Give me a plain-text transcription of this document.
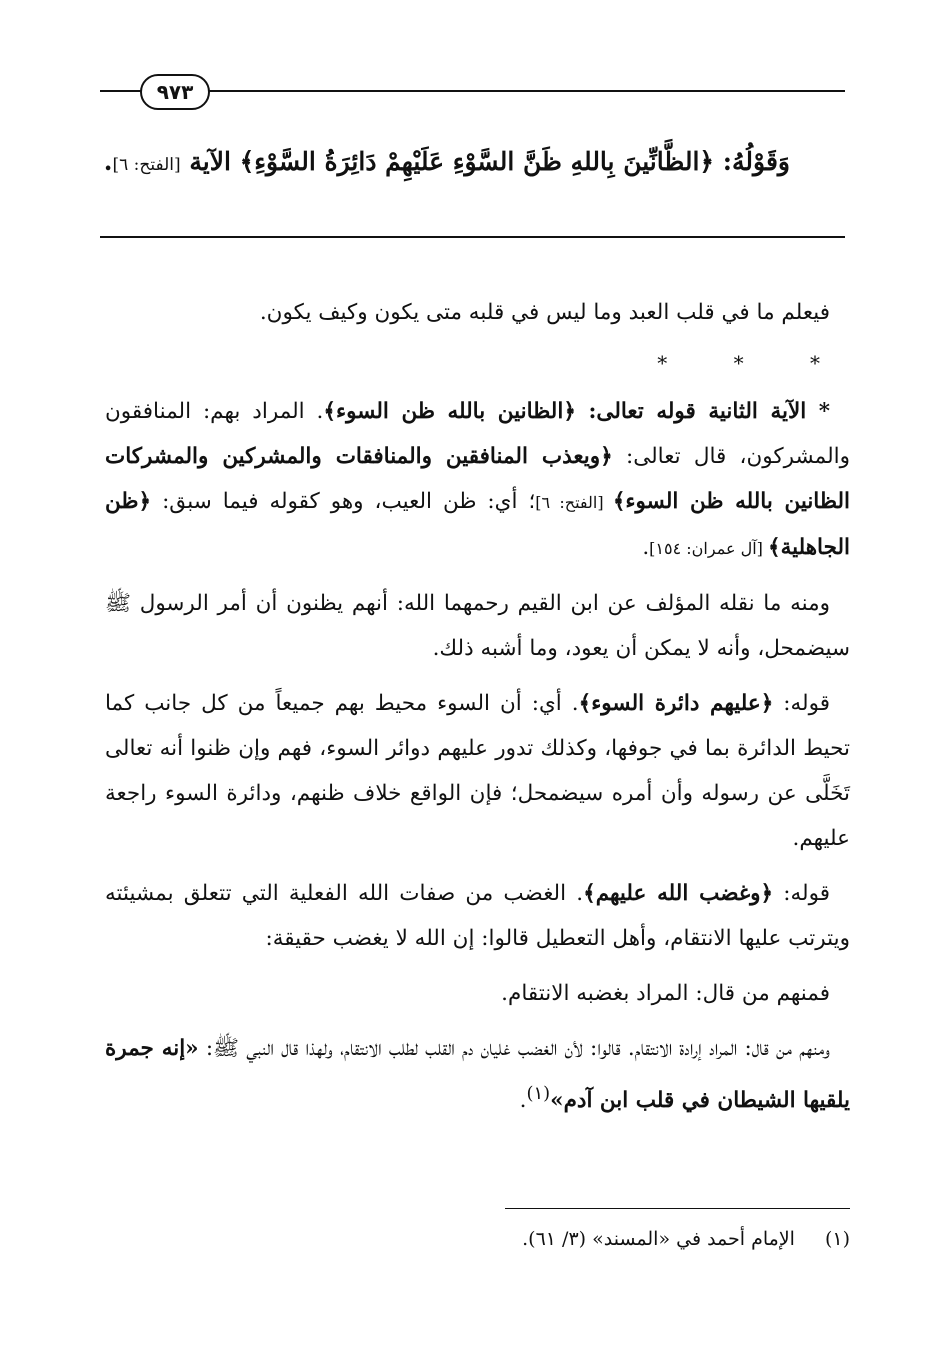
٩٧٣
وَقَوْلُهُ: ﴿الظَّانِّينَ بِاللهِ ظَنَّ السَّوْءِ عَلَيْهِمْ دَائِرَةُ السَّوْءِ﴾ الآية [الفتح: ٦].

فيعلم ما في قلب العبد وما ليس في قلبه متى يكون وكيف يكون.

* * *

* الآية الثانية قوله تعالى: ﴿الظانين بالله ظن السوء﴾. المراد بهم: المنافقون والمشركون، قال تعالى: ﴿ويعذب المنافقين والمنافقات والمشركين والمشركات الظانين بالله ظن السوء﴾ [الفتح: ٦]؛ أي: ظن العيب، وهو كقوله فيما سبق: ﴿ظن الجاهلية﴾ [آل عمران: ١٥٤].

ومنه ما نقله المؤلف عن ابن القيم رحمهما الله: أنهم يظنون أن أمر الرسول ﷺ سيضمحل، وأنه لا يمكن أن يعود، وما أشبه ذلك.

قوله: ﴿عليهم دائرة السوء﴾. أي: أن السوء محيط بهم جميعاً من كل جانب كما تحيط الدائرة بما في جوفها، وكذلك تدور عليهم دوائر السوء، فهم وإن ظنوا أنه تعالى تَخَلَّى عن رسوله وأن أمره سيضمحل؛ فإن الواقع خلاف ظنهم، ودائرة السوء راجعة عليهم.

قوله: ﴿وغضب الله عليهم﴾. الغضب من صفات الله الفعلية التي تتعلق بمشيئته ويترتب عليها الانتقام، وأهل التعطيل قالوا: إن الله لا يغضب حقيقة:

فمنهم من قال: المراد بغضبه الانتقام.

ومنهم من قال: المراد إرادة الانتقام. قالوا: لأن الغضب غليان دم القلب لطلب الانتقام، ولهذا قال النبي ﷺ: «إنه جمرة يلقيها الشيطان في قلب ابن آدم»$^{(١)}$.

(١)الإمام أحمد في «المسند» (٣/ ٦١).
